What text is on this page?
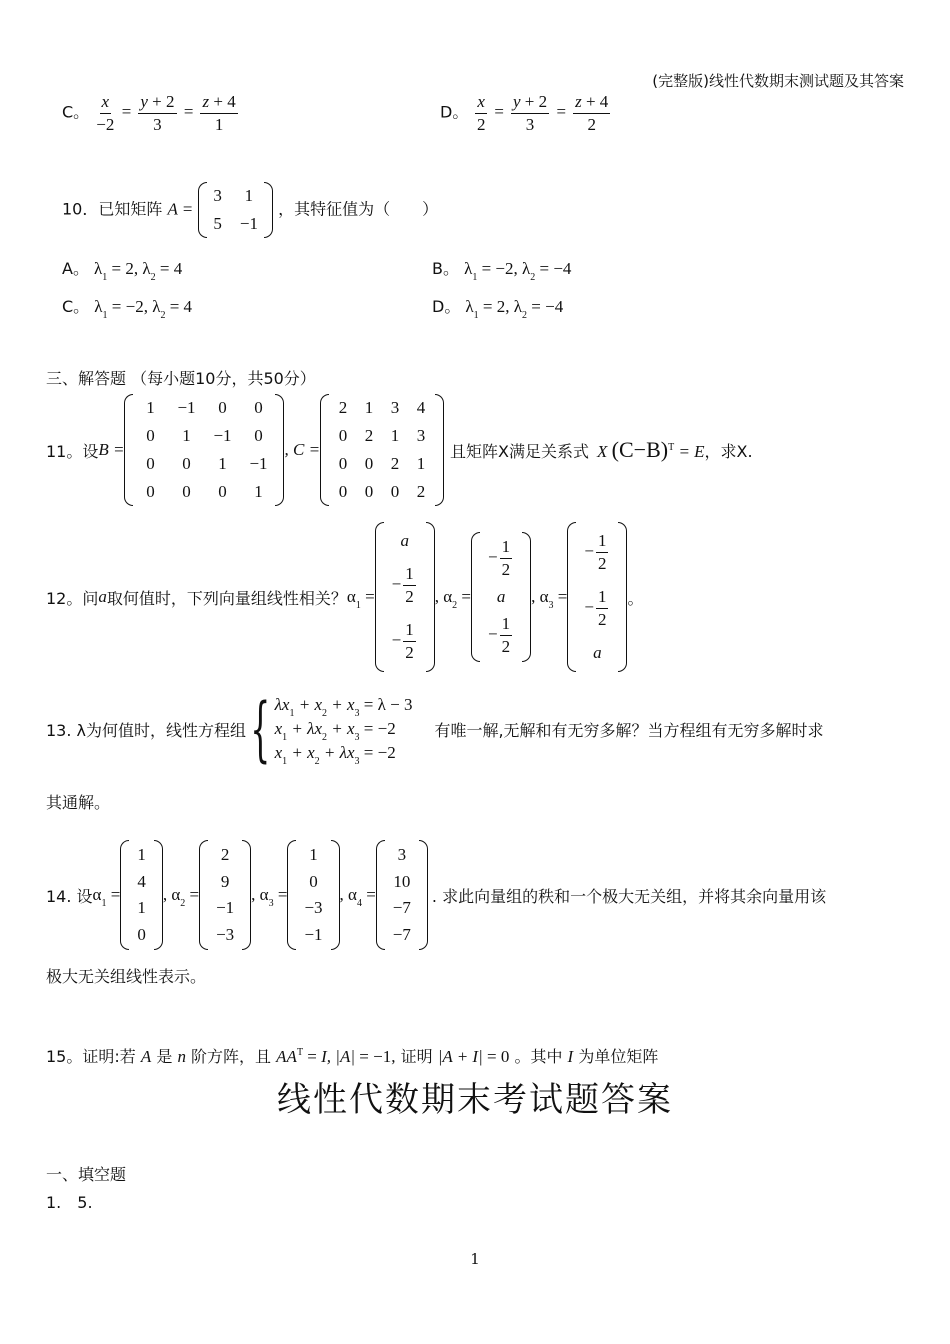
(完整版)线性代数期末测试题及其答案
C。 $\frac{x}{-2} = \frac{y + 2}{3} = \frac{z + 4}{1}$	D。 $\frac{x}{2} = \frac{y + 2}{3} = \frac{z + 4}{2}$
10．已知矩阵 A =
3 1
5 −1
，其特征值为（　　）
A。 $\lambda_1 = 2$, $\lambda_2 = 4$	B。 $\lambda_1 = -2$, $\lambda_2 = -4$
C。 $\lambda_1 = -2$, $\lambda_2 = 4$	D。 $\lambda_1 = 2$, $\lambda_2 = -4$
三、解答题 （每小题10分，共50分）
11。设 B =
1	−1	0	0
0	1	−1	0
0	0	1	−1
0	0	0	1
, C =
2 1 3 4
0 2 1 3
0 0 2 1
0 0 0 2
且矩阵X满足关系式 X $(C-B)^T = E$ ，求X.
12。问 a 取何值时，下列向量组线性相关？ $\alpha_1$ =
a
− $\frac{1}{2}$
− $\frac{1}{2}$
, $\alpha_2$ =
− $\frac{1}{2}$
a
− $\frac{1}{2}$
, $\alpha_3$ =
− $\frac{1}{2}$
− $\frac{1}{2}$
a
。
13. λ为何值时，线性方程组 { $\lambda x_1 + x_2 + x_3 = \lambda - 3$
$x_1 + \lambda x_2 + x_3 = -2$
$x_1 + x_2 + \lambda x_3 = -2$
有唯一解,无解和有无穷多解？当方程组有无穷多解时求
其通解。
14. 设 $\alpha_1$ =
1
4
1
0
, $\alpha_2$ =
2
9
−1
−3
, $\alpha_3$ =
1
0
−3
−1
, $\alpha_4$ =
3
10
−7
−7
. 求此向量组的秩和一个极大无关组，并将其余向量用该
极大无关组线性表示。
15。证明:若 A 是 n 阶方阵，且 $AA^T = I$, |A| = −1, 证明 |A + I| = 0 。其中 I 为单位矩阵
线性代数期末考试题答案
一、填空题
1.　5.
1
